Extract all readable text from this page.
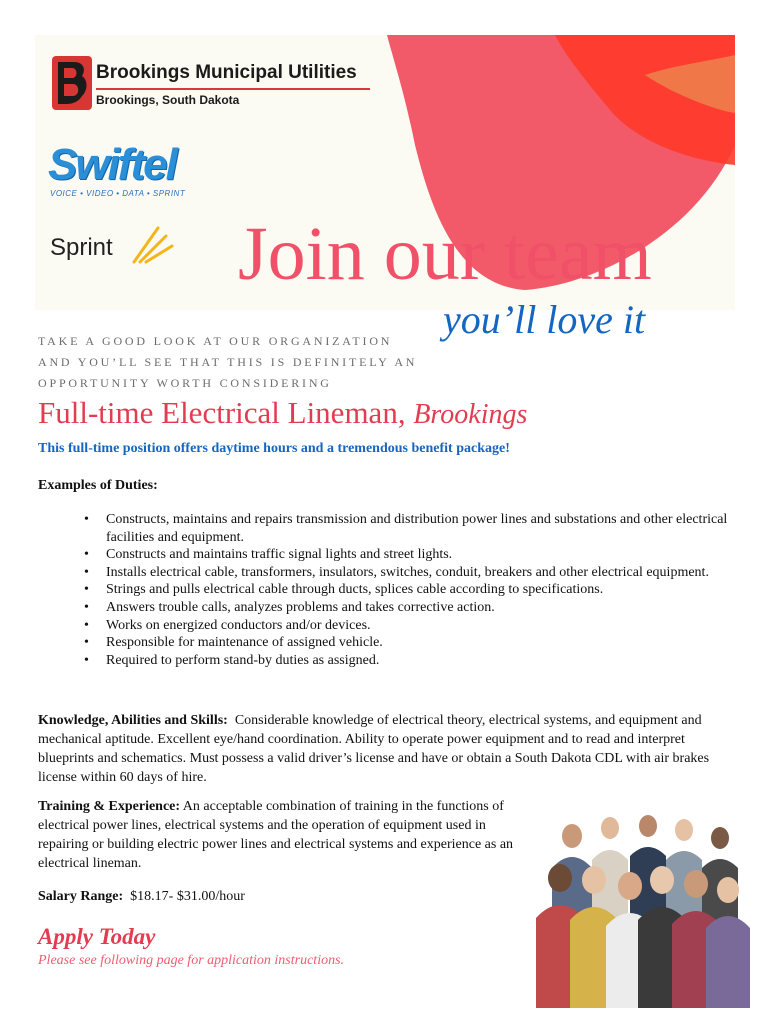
Brookings Municipal Utilities
Brookings, South Dakota
Swiftel
VOICE • VIDEO • DATA • SPRINT
Sprint Join our team
you’ll love it
TAKE A GOOD LOOK AT OUR ORGANIZATION
AND YOU’LL SEE THAT THIS IS DEFINITELY AN
OPPORTUNITY WORTH CONSIDERING
Full-time Electrical Lineman, Brookings
This full-time position offers daytime hours and a tremendous benefit package!
Examples of Duties:
• Constructs, maintains and repairs transmission and distribution power lines and substations and other electrical facilities and equipment.
• Constructs and maintains traffic signal lights and street lights.
• Installs electrical cable, transformers, insulators, switches, conduit, breakers and other electrical equipment.
• Strings and pulls electrical cable through ducts, splices cable according to specifications.
• Answers trouble calls, analyzes problems and takes corrective action.
• Works on energized conductors and/or devices.
• Responsible for maintenance of assigned vehicle.
• Required to perform stand-by duties as assigned.
Knowledge, Abilities and Skills: Considerable knowledge of electrical theory, electrical systems, and equipment and mechanical aptitude. Excellent eye/hand coordination. Ability to operate power equipment and to read and interpret blueprints and schematics. Must possess a valid driver’s license and have or obtain a South Dakota CDL with air brakes license within 60 days of hire.
Training & Experience: An acceptable combination of training in the functions of electrical power lines, electrical systems and the operation of equipment used in repairing or building electric power lines and electrical systems and experience as an electrical lineman.
Salary Range: $18.17- $31.00/hour
Apply Today
Please see following page for application instructions.
